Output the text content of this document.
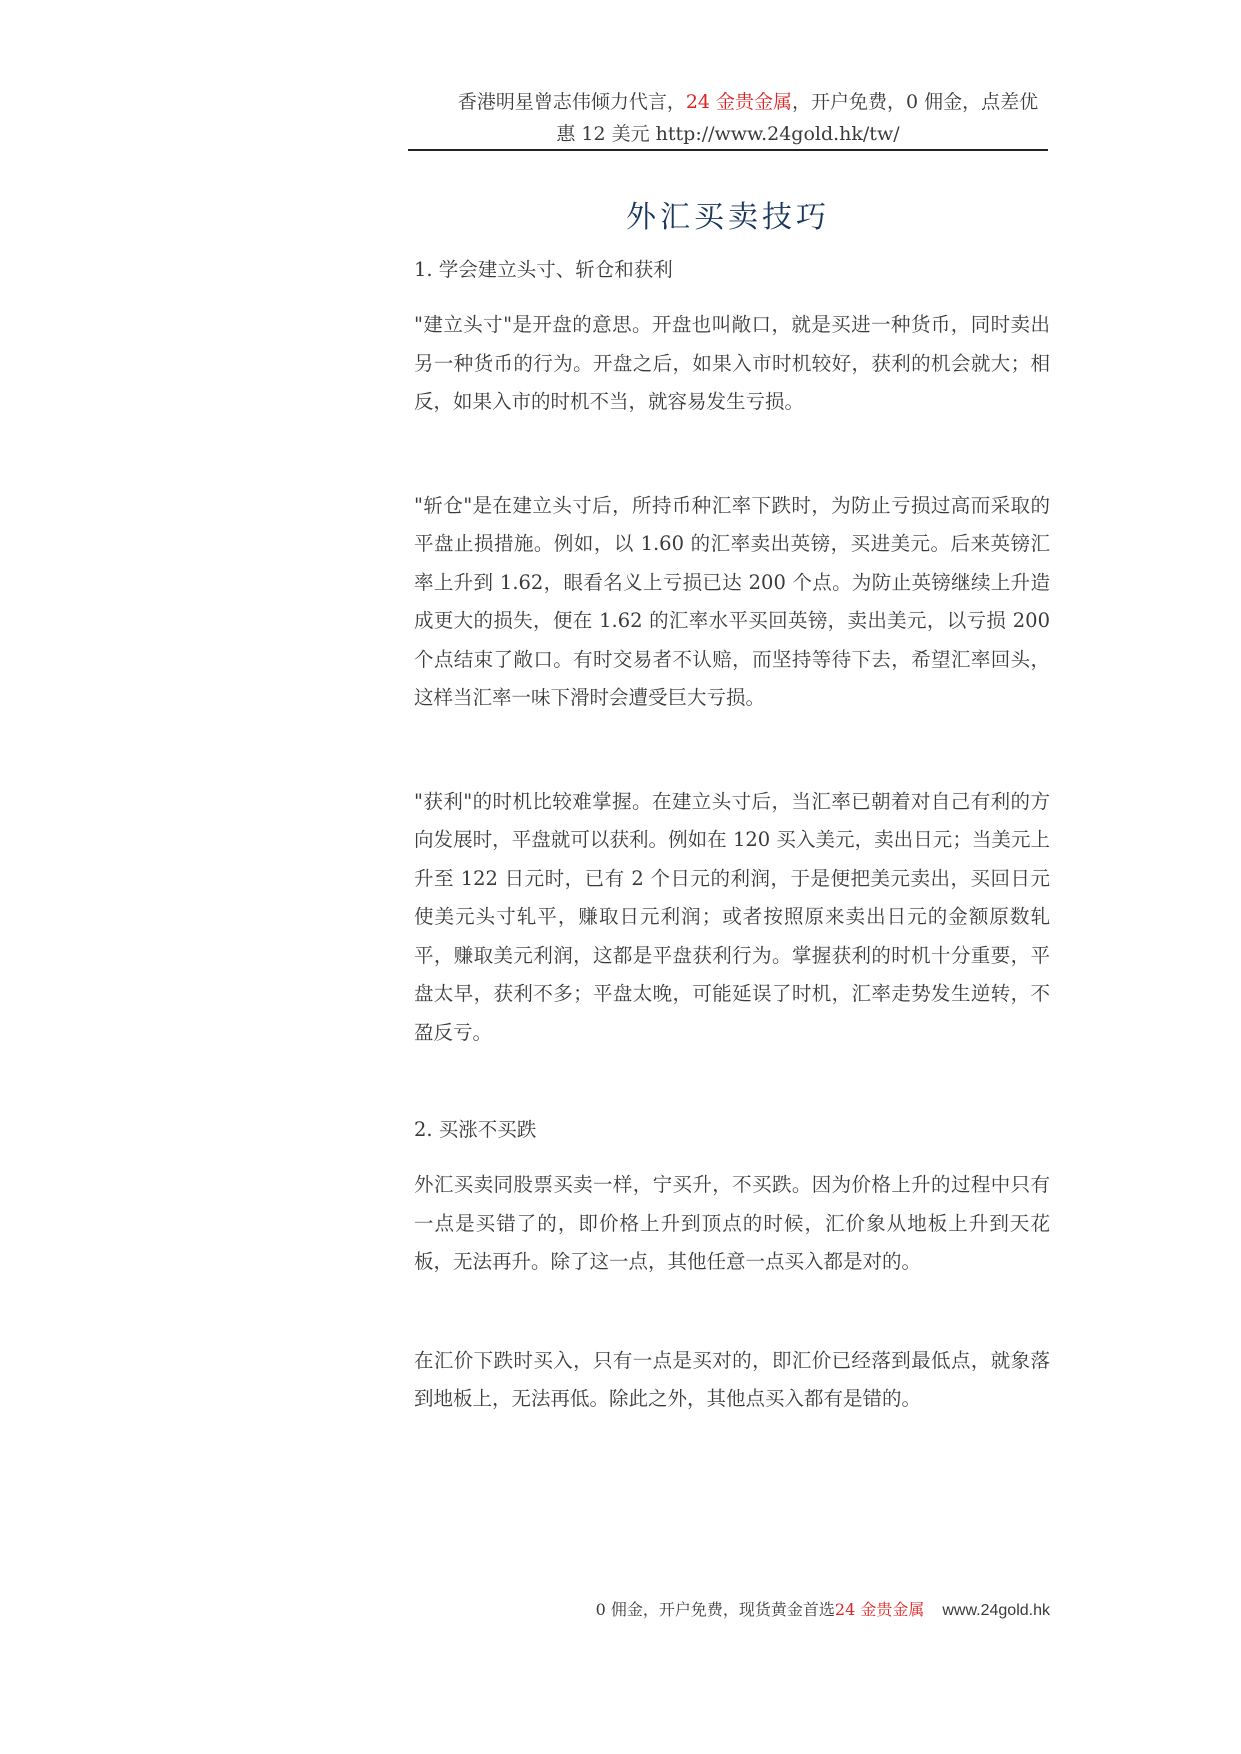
香港明星曾志伟倾力代言，24 金贵金属，开户免费，0 佣金，点差优
惠 12 美元 http://www.24gold.hk/tw/
外汇买卖技巧

1. 学会建立头寸、斩仓和获利

"建立头寸"是开盘的意思。开盘也叫敞口，就是买进一种货币，同时卖出另一种货币的行为。开盘之后，如果入市时机较好，获利的机会就大；相反，如果入市的时机不当，就容易发生亏损。

"斩仓"是在建立头寸后，所持币种汇率下跌时，为防止亏损过高而采取的平盘止损措施。例如，以 1.60 的汇率卖出英镑，买进美元。后来英镑汇率上升到 1.62，眼看名义上亏损已达 200 个点。为防止英镑继续上升造成更大的损失，便在 1.62 的汇率水平买回英镑，卖出美元，以亏损 200 个点结束了敞口。有时交易者不认赔，而坚持等待下去，希望汇率回头，这样当汇率一味下滑时会遭受巨大亏损。

"获利"的时机比较难掌握。在建立头寸后，当汇率已朝着对自己有利的方向发展时，平盘就可以获利。例如在 120 买入美元，卖出日元；当美元上升至 122 日元时，已有 2 个日元的利润，于是便把美元卖出，买回日元使美元头寸轧平，赚取日元利润；或者按照原来卖出日元的金额原数轧平，赚取美元利润，这都是平盘获利行为。掌握获利的时机十分重要，平盘太早，获利不多；平盘太晚，可能延误了时机，汇率走势发生逆转，不盈反亏。

2. 买涨不买跌

外汇买卖同股票买卖一样，宁买升，不买跌。因为价格上升的过程中只有一点是买错了的，即价格上升到顶点的时候，汇价象从地板上升到天花板，无法再升。除了这一点，其他任意一点买入都是对的。

在汇价下跌时买入，只有一点是买对的，即汇价已经落到最低点，就象落到地板上，无法再低。除此之外，其他点买入都有是错的。

0 佣金，开户免费，现货黄金首选24 金贵金属 www.24gold.hk
